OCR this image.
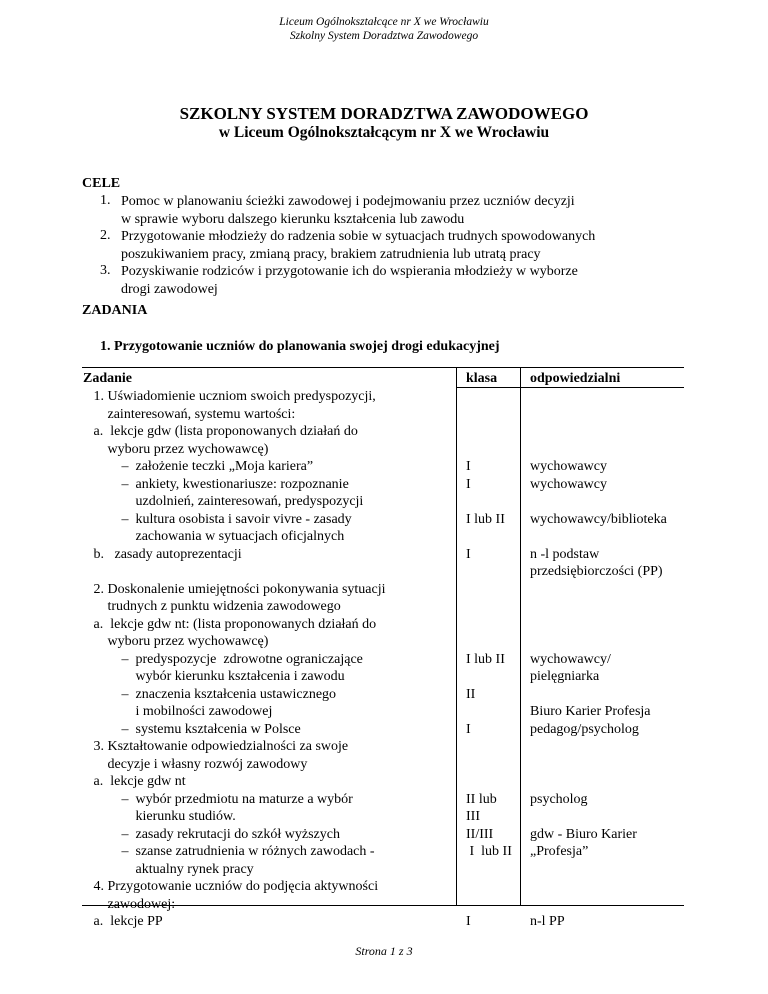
Liceum Ogólnokształcące nr X we Wrocławiu
Szkolny System Doradztwa Zawodowego
SZKOLNY SYSTEM DORADZTWA ZAWODOWEGO
w Liceum Ogólnokształcącym nr X we Wrocławiu
CELE
1. Pomoc w planowaniu ścieżki zawodowej i podejmowaniu przez uczniów decyzji
w sprawie wyboru dalszego kierunku kształcenia lub zawodu
2. Przygotowanie młodzieży do radzenia sobie w sytuacjach trudnych spowodowanych
poszukiwaniem pracy, zmianą pracy, brakiem zatrudnienia lub utratą pracy
3. Pozyskiwanie rodziców i przygotowanie ich do wspierania młodzieży w wyborze
drogi zawodowej
ZADANIA
1. Przygotowanie uczniów do planowania swojej drogi edukacyjnej
Zadanie	klasa odpowiedzialni
1. Uświadomienie uczniom swoich predyspozycji,
zainteresowań, systemu wartości:
a.  lekcje gdw (lista proponowanych działań do
wyboru przez wychowawcę)
–  założenie teczki „Moja kariera”
–  ankiety, kwestionariusze: rozpoznanie
uzdolnień, zainteresowań, predyspozycji
–  kultura osobista i savoir vivre - zasady
zachowania w sytuacjach oficjalnych
b.   zasady autoprezentacji
2. Doskonalenie umiejętności pokonywania sytuacji
trudnych z punktu widzenia zawodowego
a.  lekcje gdw nt: (lista proponowanych działań do
wyboru przez wychowawcę)
–  predyspozycje  zdrowotne ograniczające
wybór kierunku kształcenia i zawodu
–  znaczenia kształcenia ustawicznego
i mobilności zawodowej
–  systemu kształcenia w Polsce
3. Kształtowanie odpowiedzialności za swoje
decyzje i własny rozwój zawodowy
a.  lekcje gdw nt
–  wybór przedmiotu na maturze a wybór
kierunku studiów.
–  zasady rekrutacji do szkół wyższych
–  szanse zatrudnienia w różnych zawodach -
aktualny rynek pracy
4. Przygotowanie uczniów do podjęcia aktywności
zawodowej:
a.  lekcje PP
I
I
I lub II
I
I lub II
II
I
II lub
III
II/III
I  lub II
I
wychowawcy
wychowawcy
wychowawcy/biblioteka
n -l podstaw
przedsiębiorczości (PP)
wychowawcy/
pielęgniarka
Biuro Karier Profesja
pedagog/psycholog
psycholog
gdw - Biuro Karier
„Profesja”
n-l PP
Strona 1 z 3
